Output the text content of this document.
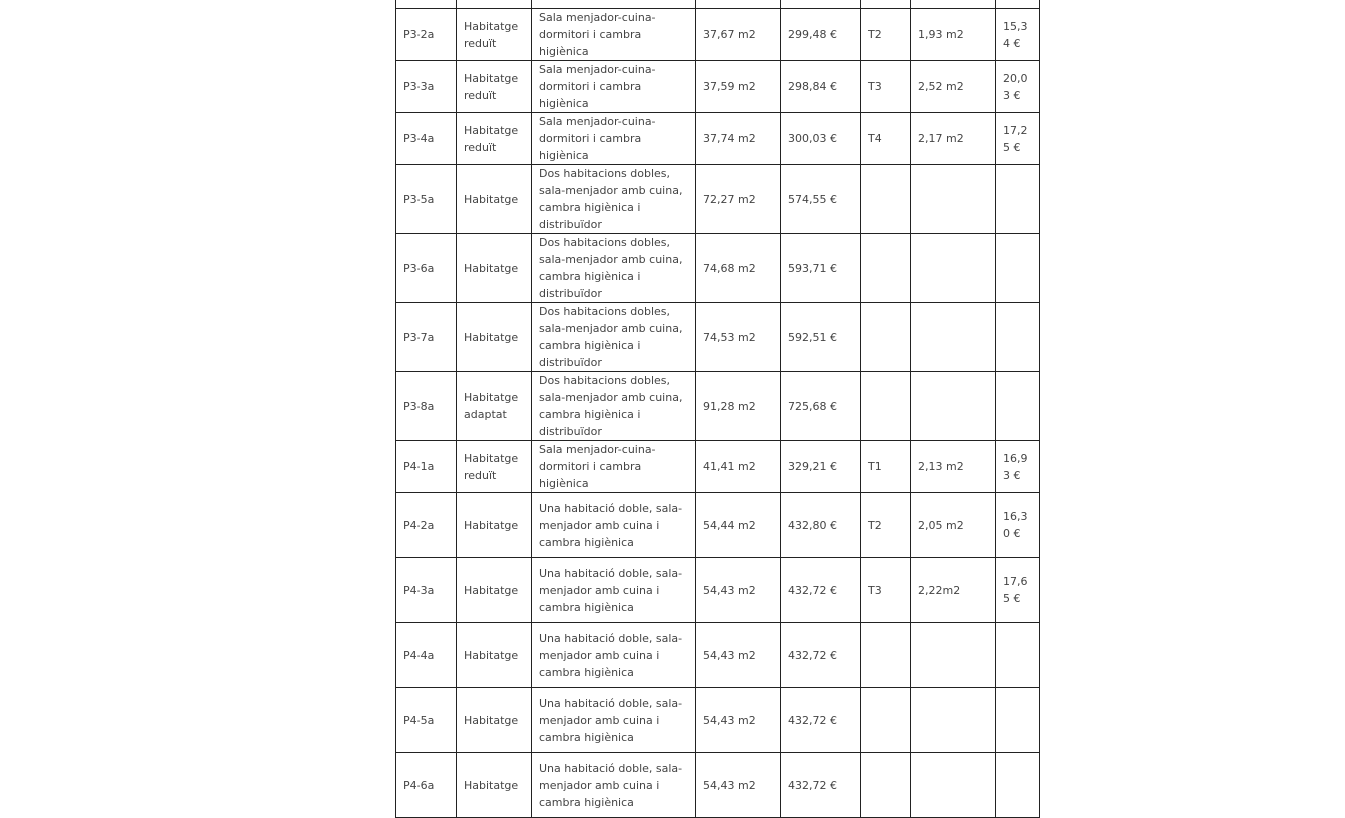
P3-2a	Habitatge reduït	Sala menjador-cuina-dormitori i cambra higiènica	37,67 m2	299,48 €	T2	1,93 m2	15,34 €
P3-3a	Habitatge reduït	Sala menjador-cuina-dormitori i cambra higiènica	37,59 m2	298,84 €	T3	2,52 m2	20,03 €
P3-4a	Habitatge reduït	Sala menjador-cuina-dormitori i cambra higiènica	37,74 m2	300,03 €	T4	2,17 m2	17,25 €
P3-5a	Habitatge	Dos habitacions dobles, sala-menjador amb cuina, cambra higiènica i distribuïdor	72,27 m2	574,55 €			
P3-6a	Habitatge	Dos habitacions dobles, sala-menjador amb cuina, cambra higiènica i distribuïdor	74,68 m2	593,71 €			
P3-7a	Habitatge	Dos habitacions dobles, sala-menjador amb cuina, cambra higiènica i distribuïdor	74,53 m2	592,51 €			
P3-8a	Habitatge adaptat	Dos habitacions dobles, sala-menjador amb cuina, cambra higiènica i distribuïdor	91,28 m2	725,68 €			
P4-1a	Habitatge reduït	Sala menjador-cuina-dormitori i cambra higiènica	41,41 m2	329,21 €	T1	2,13 m2	16,93 €
P4-2a	Habitatge	Una habitació doble, sala-menjador amb cuina i cambra higiènica	54,44 m2	432,80 €	T2	2,05 m2	16,30 €
P4-3a	Habitatge	Una habitació doble, sala-menjador amb cuina i cambra higiènica	54,43 m2	432,72 €	T3	2,22m2	17,65 €
P4-4a	Habitatge	Una habitació doble, sala-menjador amb cuina i cambra higiènica	54,43 m2	432,72 €			
P4-5a	Habitatge	Una habitació doble, sala-menjador amb cuina i cambra higiènica	54,43 m2	432,72 €			
P4-6a	Habitatge	Una habitació doble, sala-menjador amb cuina i cambra higiènica	54,43 m2	432,72 €			
